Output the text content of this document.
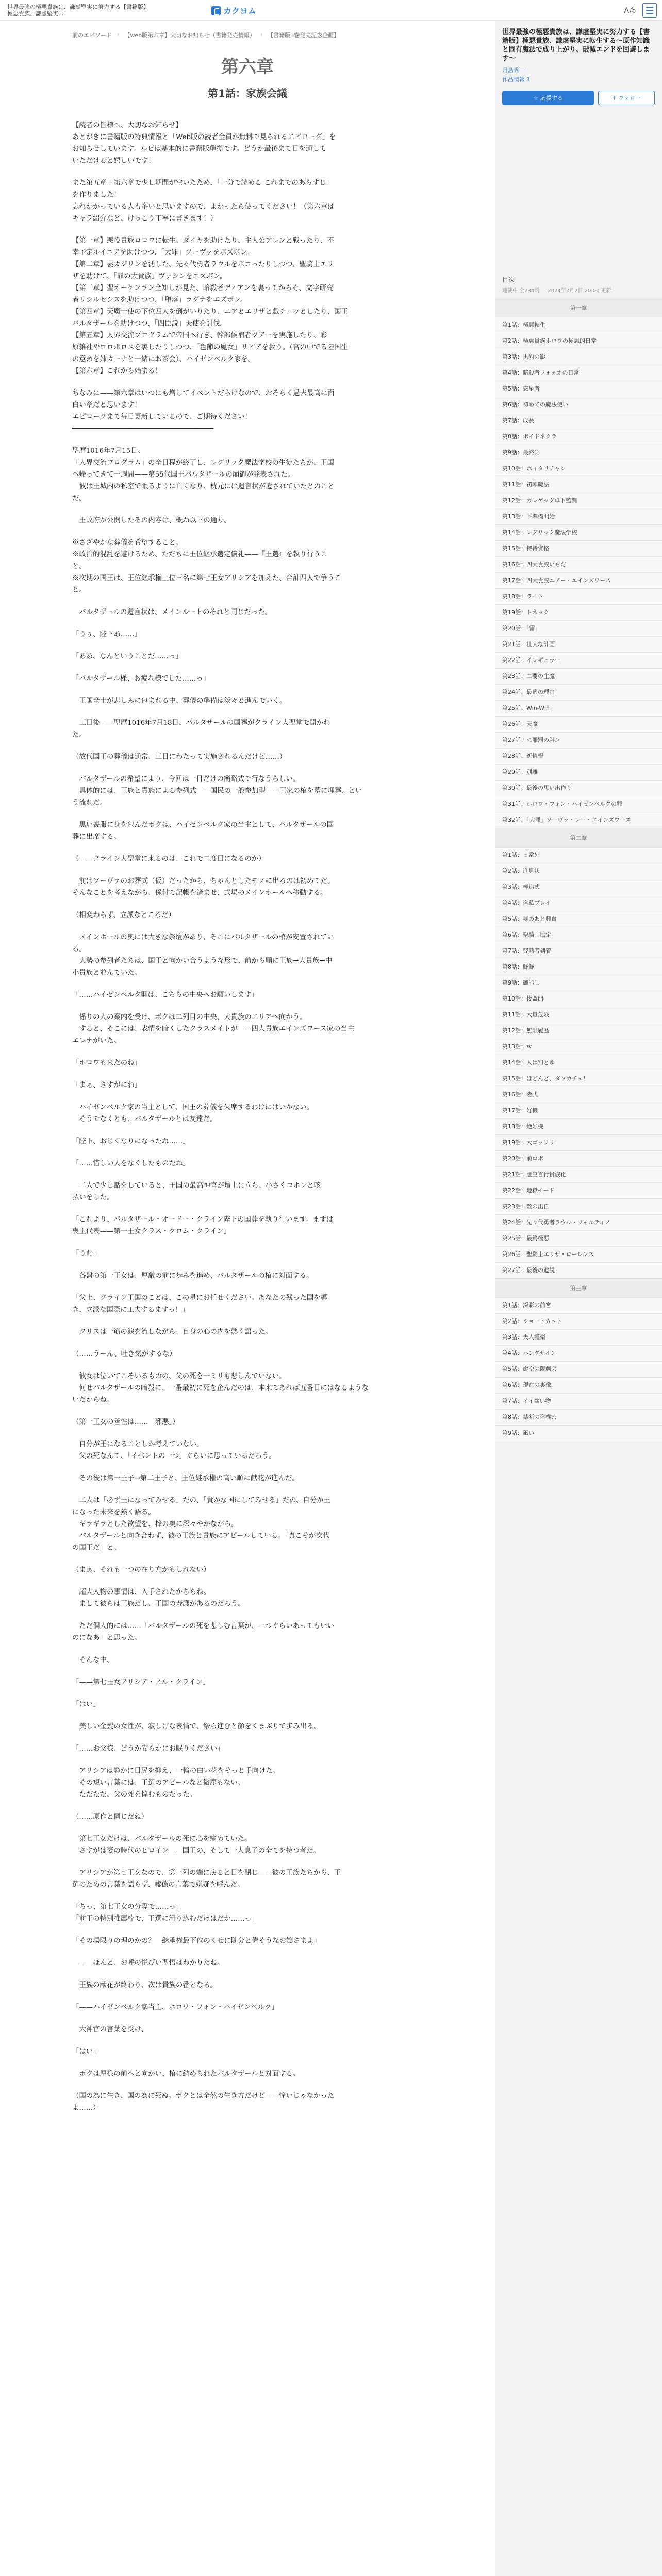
世界最強の極悪貴族は、謙虚堅実に努力する【書籍版】極悪貴族、謙虚堅実...	カクヨム	Aあ
前のエピソード › 【web版第六章】大切なお知らせ（書籍発売情報） › 【書籍版3巻発売記念企画】
第六章
第1話：家族会議

【読者の皆様へ、大切なお知らせ】

あとがきに書籍版の特典情報と「Web版の読者全員が無料で見られるエピローグ」を

お知らせしています。ルビは基本的に書籍版準拠です。どうか最後まで目を通して

いただけると嬉しいです！

また第五章＋第六章で少し期間が空いたため、「一分で読める これまでのあらすじ」

を作りました！

忘れかかっている人も多いと思いますので、よかったら使ってください！（第六章は

キャラ紹介など、けっこう丁寧に書きます！）

【第一章】悪役貴族ロロワに転生。ダイヤを助けたり、主人公アレンと戦ったり、不

幸予定ルイニアを助けつつ、「大罪」ソーヴァをボズボン。

【第二章】妻カジリンを湧した。先々代勇者ラウルをボコったりしつつ、聖騎士エリ

ザを助けて、「罪の大貴族」ヴァシンをエズボン。

【第三章】聖オーケンラン全知しが見た、暗殺者ディアンを裏ってからそ、文字研究

者リシルセシスを助けつつ、「堕落」ラグナをエズボン。

【第四章】天魔十使の下位四人を倒がいりたり、ニアとエリザと戯チュッとしたり、国王

バルタザールを助けつつ、「四臣説」天使を討伐。

【第五章】人界交流プログラムで帝国へ行き、幹部候補者ツアーを実施したり、彩

原雑社やロロボロスを裏したりしつつ、「色節の魔女」リピアを救う。（宮の中でる陸国生

の意めを姉カーナと一緒にお茶会）、ハイゼンベルク家を。

【第六章】これから始まる！

ちなみに——第六章はいつにも増してイベントだらけなので、おそらく過去最高に面

白い章だと思います！

エピローグまで毎日更新しているので、ご期待ください！

━━━━━━━━━━━━━━━━━━━━━━━━━━━━━━━━━━

聖暦1016年7月15日。

「人界交流プログラム」の全日程が終了し、レグリック魔法学校の生徒たちが、王国

へ帰ってきて一週間——第55代国王バルタザールの崩御が発表された。

　彼は王城内の私室で眠るように亡くなり、枕元には遺言状が遺されていたとのこと

だ。

　王政府が公開したその内容は、概ね以下の通り。

※さざやかな葬儀を希望すること。

※政治的混乱を避けるため、ただちに王位継承選定儀礼——『王選』を執り行うこ

と。

※次期の国王は、王位継承権上位三名に第七王女アリシアを加えた、合計四人で争うこ

と。

　バルタザールの遺言状は、メインルートのそれと同じだった。

「うぅ、陛下あ……」

「ああ、なんということだ……っ」

「バルタザール様、お疲れ様でした……っ」

　王国全土が悲しみに包まれる中、葬儀の準備は淡々と進んでいく。

　三日後——聖暦1016年7月18日、バルタザールの国葬がクライン大聖堂で開かれ

た。

（故代国王の葬儀は通常、三日にわたって実施されるんだけど……）

　バルタザールの希望により、今回は一日だけの簡略式で行なうらしい。

　具体的には、王族と貴族による参列式——国民の一般参加型——王家の棺を墓に埋葬、とい

う流れだ。

　黒い喪服に身を包んだボクは、ハイゼンベルク家の当主として、バルタザールの国

葬に出席する。

（——クライン大聖堂に来るのは、これで二度目になるのか）

　前はソーヴァのお葬式（仮）だったから、ちゃんとしたモノに出るのは初めてだ。

そんなことを考えながら、係付で記帳を済ませ、式場のメインホールへ移動する。

（相変わらず、立派なところだ）

　メインホールの奥には大きな祭壇があり、そこにバルタザールの棺が安置されてい

る。

　大勢の参列者たちは、国王と向かい合うような形で、前から順に王族→大貴族→中

小貴族と並んでいた。

「……ハイゼンベルク卿は、こちらの中央へお願いします」

　係りの人の案内を受け、ボクは二列目の中央、大貴族のエリアへ向かう。

　すると、そこには、表情を暗くしたクラスメイトが——四大貴族エインズワース家の当主

エレナがいた。

「ホロワも来たのね」

「まぁ、さすがにね」

　ハイゼンベルク家の当主として、国王の葬儀を欠席するわけにはいかない。

　そうでなくとも、バルタザールとは友達だ。

「陛下、おじくなりになったね……」

「……惜しい人をなくしたものだね」

　二人で少し話をしていると、王国の最高神官が壇上に立ち、小さくコホンと咳

払いをした。

「これより、バルタザール・オードー・クライン陛下の国葬を執り行います。まずは

喪主代表——第一王女クラス・クロム・クライン」

「うむ」

　各盤の第一王女は、厚厳の前に歩みを進め、バルタザールの棺に対面する。

「父上、クライン王国のことは、この星にお任せください。あなたの残った国を導

き、立派な国際に工夫するますっ！」

　クリスは一筋の涙を流しながら、自身の心の内を熱く語った。

（……うーん、吐き気がするな）

　彼女は泣いてこそいるものの、父の死を一ミリも悲しんでいない。

　何せバルタザールの暗殺に、一番最初に死を企んだのは、本来であれば五番目にはなるような

いだからね。

（第一王女の善性は……「邪悪」）

　自分が王になることしか考えていない。

　父の死なんて、「イベントの一つ」ぐらいに思っているだろう。

　その後は第一王子→第二王子と、王位継承権の高い順に献花が進んだ。

　二人は「必ず王になってみせる」だの、「貴かな国にしてみせる」だの、自分が王

になった未来を熱く語る。

　ギラギラとした欲望を、棒の奥に深々やかながら。

　バルタザールと向き合わず、彼の王族と貴族にアピールしている。「真こそが次代

の国王だ」と。

（まぁ、それも一つの在り方かもしれない）

　超大人物の事情は、入手されたかちらね。

　まして彼らは王族だし、王国の寿護があるのだろう。

　ただ個人的には……「バルタザールの死を悲しむ言葉が、一つぐらいあってもいい

のになあ」と思った。

　そんな中、

「——第七王女アリシア・ノル・クライン」

「はい」

　美しい金髪の女性が、寂しげな表情で、祭ら進むと顔をくまぶりで歩み出る。

「……お父様、どうか安らかにお眠りください」

　アリシアは静かに目尻を抑え、一輪の白い花をそっと手向けた。

　その短い言葉には、王選のアピールなど微塵もない。

　ただただ、父の死を悼むものだった。

（……原作と同じだね）

　第七王女だけは、バルタザールの死に心を痛めていた。

　さすがは妻の時代のヒロイン——国王の、そして一人息子の全てを持つ者だ。

　アリシアが第七王女なので、第一列の端に戻ると目を閉じ——彼の王族たちから、王

選のための言葉を語らず、嘘偽の言葉で嫌疑を呼んだ。

「ちっ、第七王女の分際で……っ」

「前王の特別推薦枠で、王選に滑り込むだけはだか……っ」

「その場限りの理のかの？　継承権最下位のくせに随分と偉そうなお嬢さまよ」

　——ほんと、お呼の悦びい聖悟はわかりだね。

　王族の献花が終わり、次は貴族の番となる。

「——ハイゼンベルク家当主、ホロワ・フォン・ハイゼンベルク」

　大神官の言葉を受け、

「はい」

　ボクは厚様の前へと向かい、棺に納められたバルタザールと対面する。

（国の為に生き、国の為に死ぬ。ボクとは全然の生き方だけど——憧いじゃなかった

よ……）

世界最強の極悪貴族は、謙虚堅実に努力する【書籍版】極悪貴族、謙虚堅実に転生する〜原作知識と固有魔法で成り上がり、破滅エンドを回避します〜
月島秀一
作品情報 1
☆ 応援する	+ フォロー
目次
連載中 全234話 2024年2月2日 20:00 更新
第一章
第1話：極悪転生
第2話：極悪貴族ホロワの極悪的日常
第3話：黒豹の影
第4話：暗殺者フォォオの日常
第5話：惑星者
第6話：初めての魔法使い
第7話：成長
第8話：ボイドネクラ
第9話：最終剣
第10話：ボイタリチャン
第11話：初陣魔法
第12話：ガレゲッグ卓下監闘
第13話：下準備開始
第14話：レグリック魔法学校
第15話：特待資格
第16話：四大貴族いちだ
第17話：四大貴族エアー・エインズワース
第18話：ライド
第19話：トネック
第20話：「雷」
第21話：壮大な計画
第22話：イレギュラー
第23話：二要の主魔
第24話：最適の理由
第25話：Win-Win
第26話：天魔
第27話：＜罪罰の斜＞
第28話：新情報
第29話：別離
第30話：最後の思い出作り
第31話：ホロワ・フォン・ハイゼンベルクの罪
第32話：「大罪」ソーヴァ・レー・エインズワース
第二章
第1話：日常外
第2話：進見状
第3話：棒追式
第4話：盗私プレイ
第5話：夢のあと興奮
第6話：聖騎士協定
第7話：究熟者到着
第8話：鮮鮮
第9話：御能し
第10話：棲盟開
第11話：大量危険
第12話：無限履歴
第13話：ｗ
第14話：人は知とゆ
第15話：ほどんど、ダッカチェ！
第16話：砦式
第17話：好機
第18話：絶好機
第19話：大ゴッソリ
第20話：前ロボ
第21話：虚空言行貴族化
第22話：地獄モード
第23話：敵の出自
第24話：先々代勇者ラウル・フォルティス
第25話：最終極悪
第26話：聖騎士エリザ・ローレンス
第27話：最後の遺説
第三章
第1話：深彩の前宮
第2話：ショートカット
第3話：夫人護衛
第4話：ハングサイン
第5話：虚空の限劇会
第6話：現在の裏像
第7話：イイ盆い物
第8話：禁断の盗機密
第9話：凪い
